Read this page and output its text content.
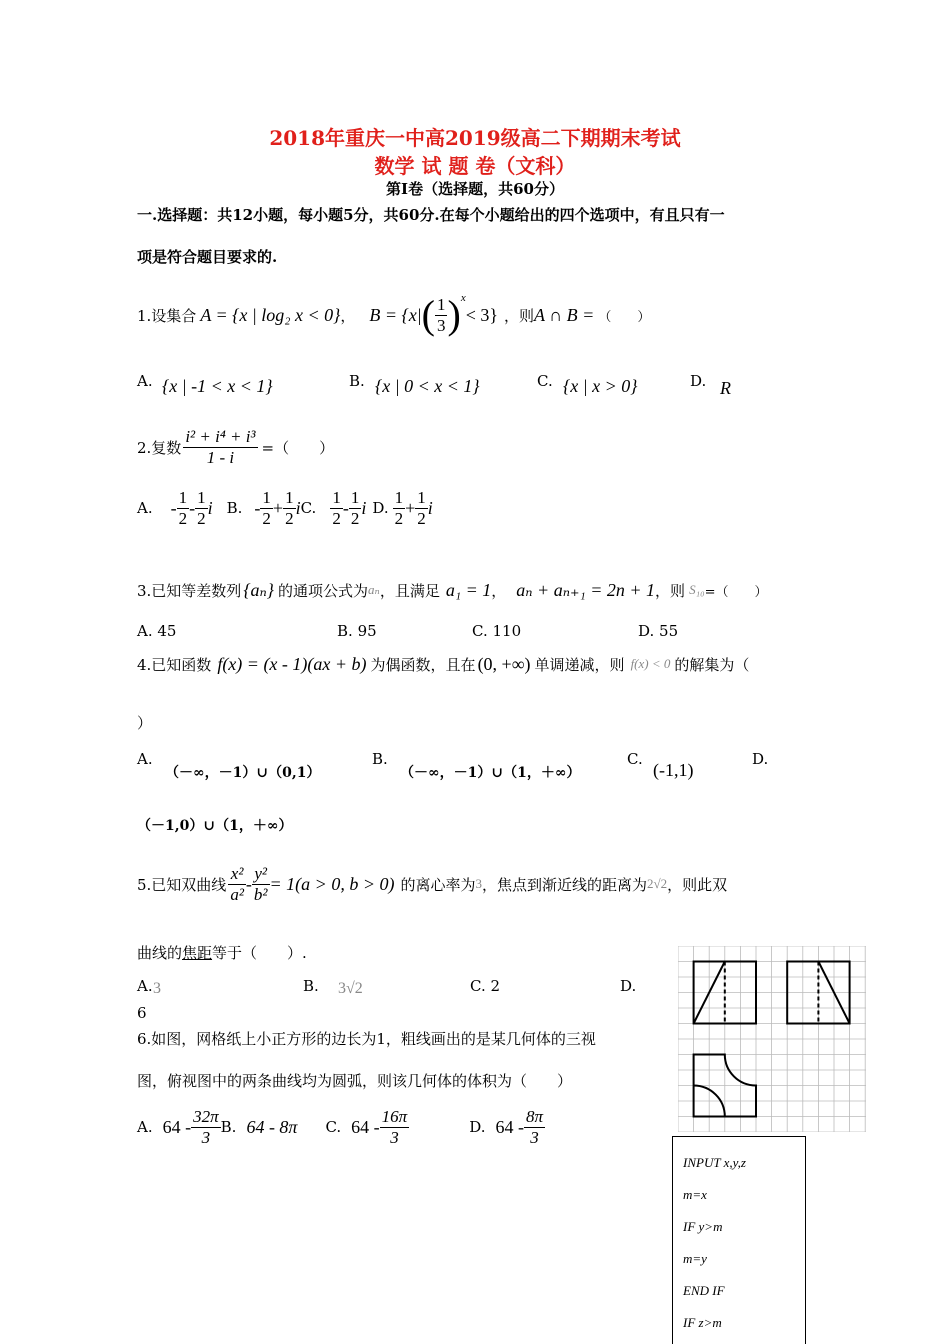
2018年重庆一中高2019级高二下期期末考试
数学 试 题 卷（文科）
第I卷（选择题，共60分）
一.选择题：共12小题，每小题5分，共60分.在每个小题给出的四个选项中，有且只有一
项是符合题目要求的.
1.设集合 A = {x | log₂ x < 0} ， B = {x| ( $\frac{1}{3}$ ) x
< 3} ，则 A ∩ B = （　　）
A. {x | -1 < x < 1}	B. {x | 0 < x < 1}	C. {x | x > 0}	D. R
2.复数 $\frac{\text{i² + i⁴ + i³}}{1 - i}$ =（　　）
A. - $\frac{1}{2} - \frac{1}{2}$ i B. - $\frac{1}{2} + \frac{1}{2}$ i C. $\frac{1}{2} - \frac{1}{2}$ i D. $\frac{1}{2} + \frac{1}{2}$ i
3.已知等差数列 {aₙ} 的通项公式为 aₙ ，且满足 a₁ = 1 ， aₙ + aₙ₊₁ = 2n + 1 ，则 S₁₀ =（　　）
A. 45	B. 95	C. 110	D. 55
4.已知函数 f(x) = (x - 1)(ax + b) 为偶函数，且在 (0, +∞) 单调递减，则 f(x) < 0 的解集为（
）
A.
（－∞，－1）∪（0,1）
B.
（－∞，－1）∪（1，＋∞）
C.
(-1,1)
D.
（－1,0）∪（1，＋∞）
5.已知双曲线 $\frac{\text{x²}}{\text{a²}} - \frac{\text{y²}}{\text{b²}} = 1(a > 0$, b > 0) 的离心率为 3 ，焦点到渐近线的距离为 2√2 ，则此双
曲线的焦距等于（　　）.
A. 3	B. 3√2	C. 2	D.
6
6.如图，网格纸上小正方形的边长为1，粗线画出的是某几何体的三视
图，俯视图中的两条曲线均为圆弧，则该几何体的体积为（　　）
A. $64 - \frac{32\pi}{3} B$. 64 - 8π C. $64 - \frac{16\pi}{3}$	D. $64 - \frac{8\pi}{3}$
INPUT x,y,z
m=x
IF y>m
m=y
END IF
IF z>m
